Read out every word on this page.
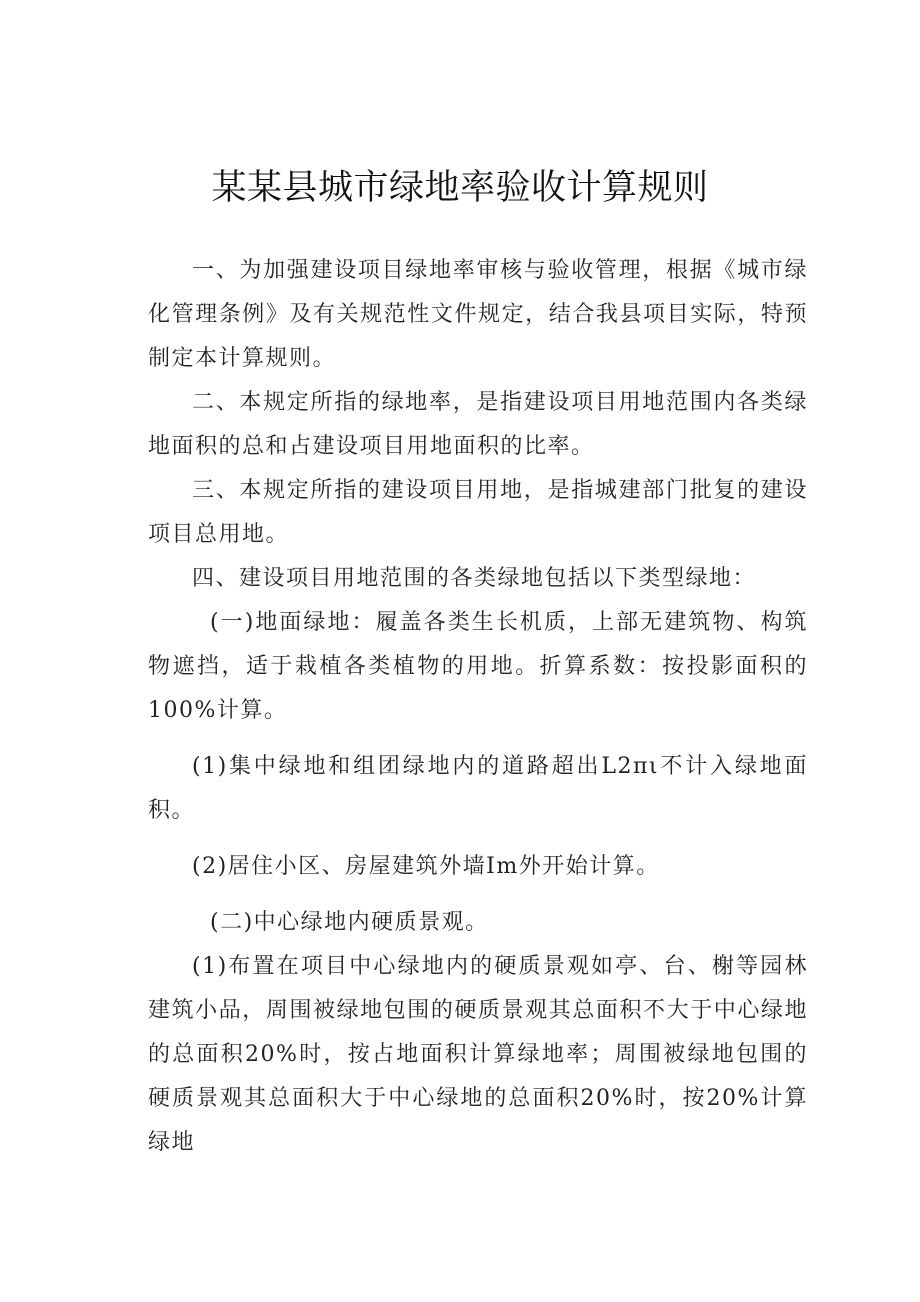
某某县城市绿地率验收计算规则

一、为加强建设项目绿地率审核与验收管理，根据《城市绿化管理条例》及有关规范性文件规定，结合我县项目实际，特预制定本计算规则。

二、本规定所指的绿地率，是指建设项目用地范围内各类绿地面积的总和占建设项目用地面积的比率。

三、本规定所指的建设项目用地，是指城建部门批复的建设项目总用地。

四、建设项目用地范围的各类绿地包括以下类型绿地：

(一)地面绿地：履盖各类生长机质，上部无建筑物、构筑物遮挡，适于栽植各类植物的用地。折算系数：按投影面积的100%计算。

(1)集中绿地和组团绿地内的道路超出L2πι不计入绿地面积。

(2)居住小区、房屋建筑外墙Im外开始计算。

(二)中心绿地内硬质景观。

(1)布置在项目中心绿地内的硬质景观如亭、台、榭等园林建筑小品，周围被绿地包围的硬质景观其总面积不大于中心绿地的总面积20%时，按占地面积计算绿地率；周围被绿地包围的硬质景观其总面积大于中心绿地的总面积20%时，按20%计算绿地
